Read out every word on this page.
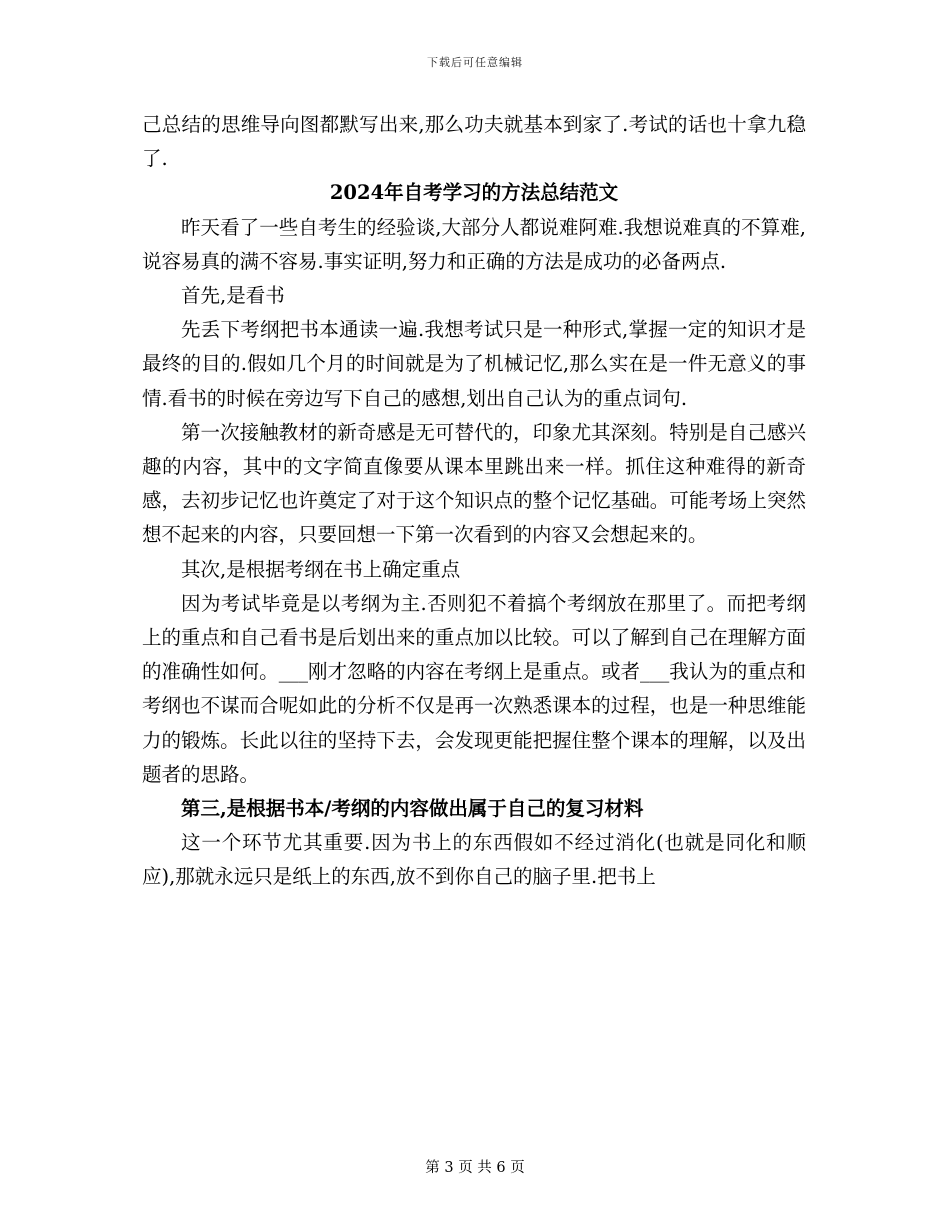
下载后可任意编辑

己总结的思维导向图都默写出来,那么功夫就基本到家了.考试的话也十拿九稳了.

2024年自考学习的方法总结范文

昨天看了一些自考生的经验谈,大部分人都说难阿难.我想说难真的不算难,说容易真的满不容易.事实证明,努力和正确的方法是成功的必备两点.

首先,是看书

先丢下考纲把书本通读一遍.我想考试只是一种形式,掌握一定的知识才是最终的目的.假如几个月的时间就是为了机械记忆,那么实在是一件无意义的事情.看书的时候在旁边写下自己的感想,划出自己认为的重点词句.

第一次接触教材的新奇感是无可替代的，印象尤其深刻。特别是自己感兴趣的内容，其中的文字简直像要从课本里跳出来一样。抓住这种难得的新奇感，去初步记忆也许奠定了对于这个知识点的整个记忆基础。可能考场上突然想不起来的内容，只要回想一下第一次看到的内容又会想起来的。

其次,是根据考纲在书上确定重点

因为考试毕竟是以考纲为主.否则犯不着搞个考纲放在那里了。而把考纲上的重点和自己看书是后划出来的重点加以比较。可以了解到自己在理解方面的准确性如何。___刚才忽略的内容在考纲上是重点。或者___我认为的重点和考纲也不谋而合呢如此的分析不仅是再一次熟悉课本的过程，也是一种思维能力的锻炼。长此以往的坚持下去，会发现更能把握住整个课本的理解，以及出题者的思路。

第三,是根据书本/考纲的内容做出属于自己的复习材料

这一个环节尤其重要.因为书上的东西假如不经过消化(也就是同化和顺应),那就永远只是纸上的东西,放不到你自己的脑子里.把书上

第 3 页 共 6 页
